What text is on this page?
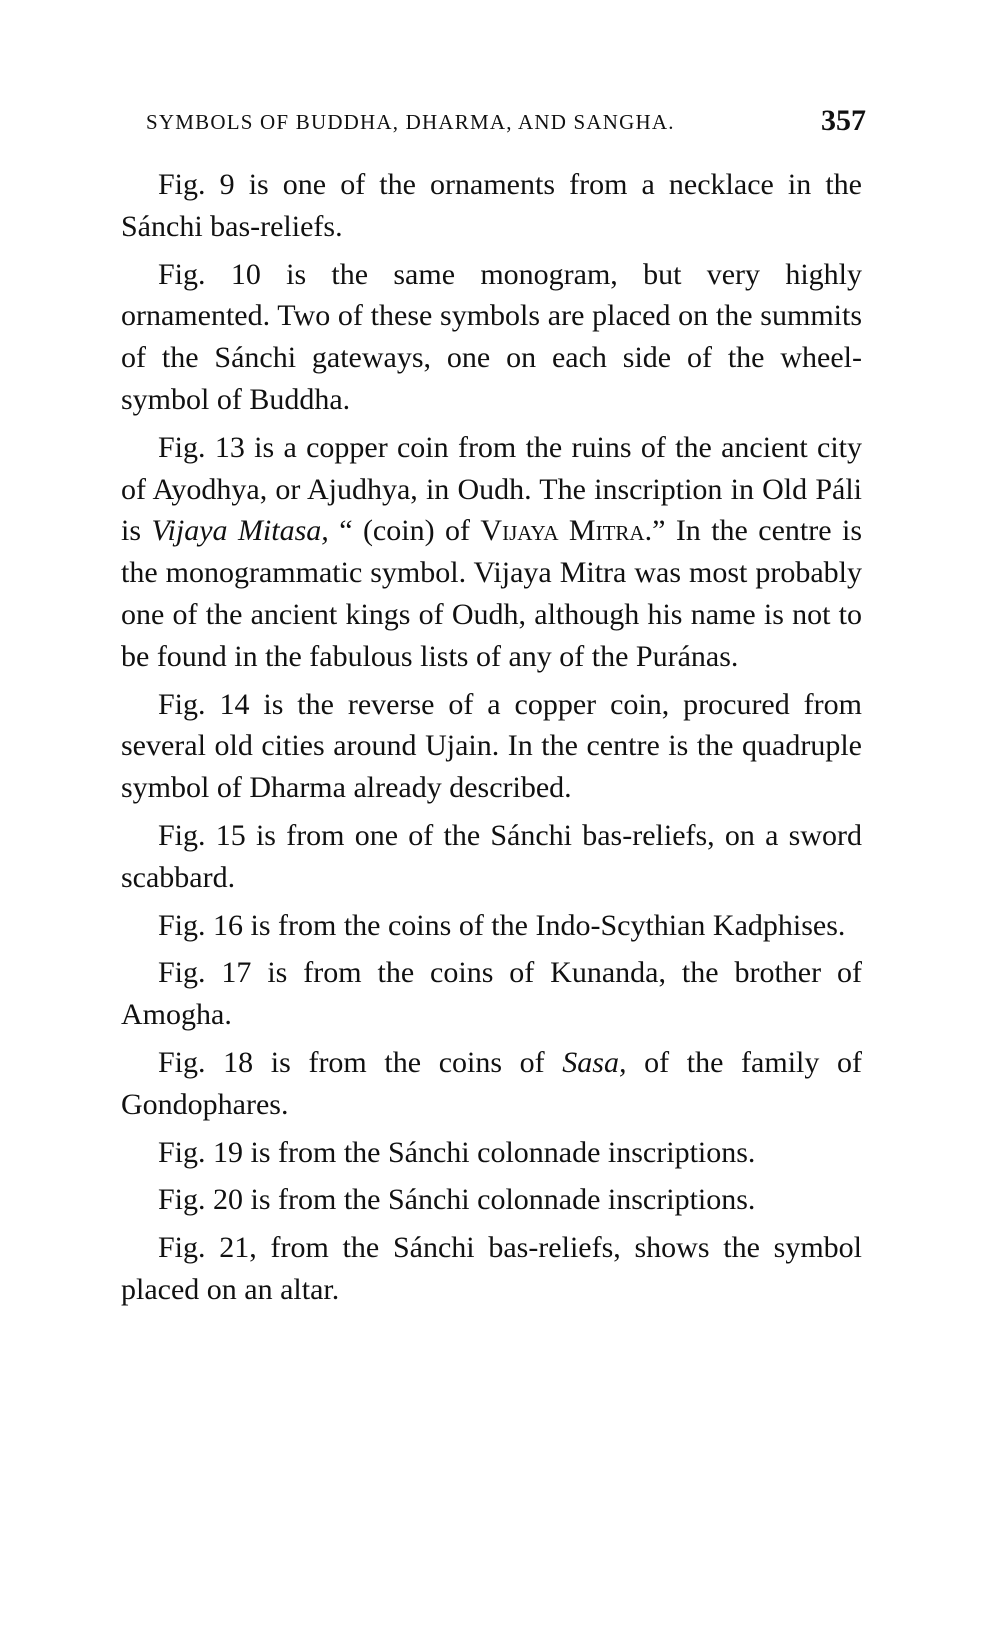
SYMBOLS OF BUDDHA, DHARMA, AND SANGHA.	357

Fig. 9 is one of the ornaments from a necklace in the Sánchi bas-reliefs.

Fig. 10 is the same monogram, but very highly ornamented. Two of these symbols are placed on the summits of the Sánchi gateways, one on each side of the wheel-symbol of Buddha.

Fig. 13 is a copper coin from the ruins of the ancient city of Ayodhya, or Ajudhya, in Oudh. The inscription in Old Páli is Vijaya Mitasa, “ (coin) of Vijaya Mitra.” In the centre is the monogrammatic symbol. Vijaya Mitra was most probably one of the ancient kings of Oudh, although his name is not to be found in the fabulous lists of any of the Puránas.

Fig. 14 is the reverse of a copper coin, procured from several old cities around Ujain. In the centre is the quadruple symbol of Dharma already described.

Fig. 15 is from one of the Sánchi bas-reliefs, on a sword scabbard.

Fig. 16 is from the coins of the Indo-Scythian Kadphises.

Fig. 17 is from the coins of Kunanda, the brother of Amogha.

Fig. 18 is from the coins of Sasa, of the family of Gondophares.

Fig. 19 is from the Sánchi colonnade inscriptions.

Fig. 20 is from the Sánchi colonnade inscriptions.

Fig. 21, from the Sánchi bas-reliefs, shows the symbol placed on an altar.
